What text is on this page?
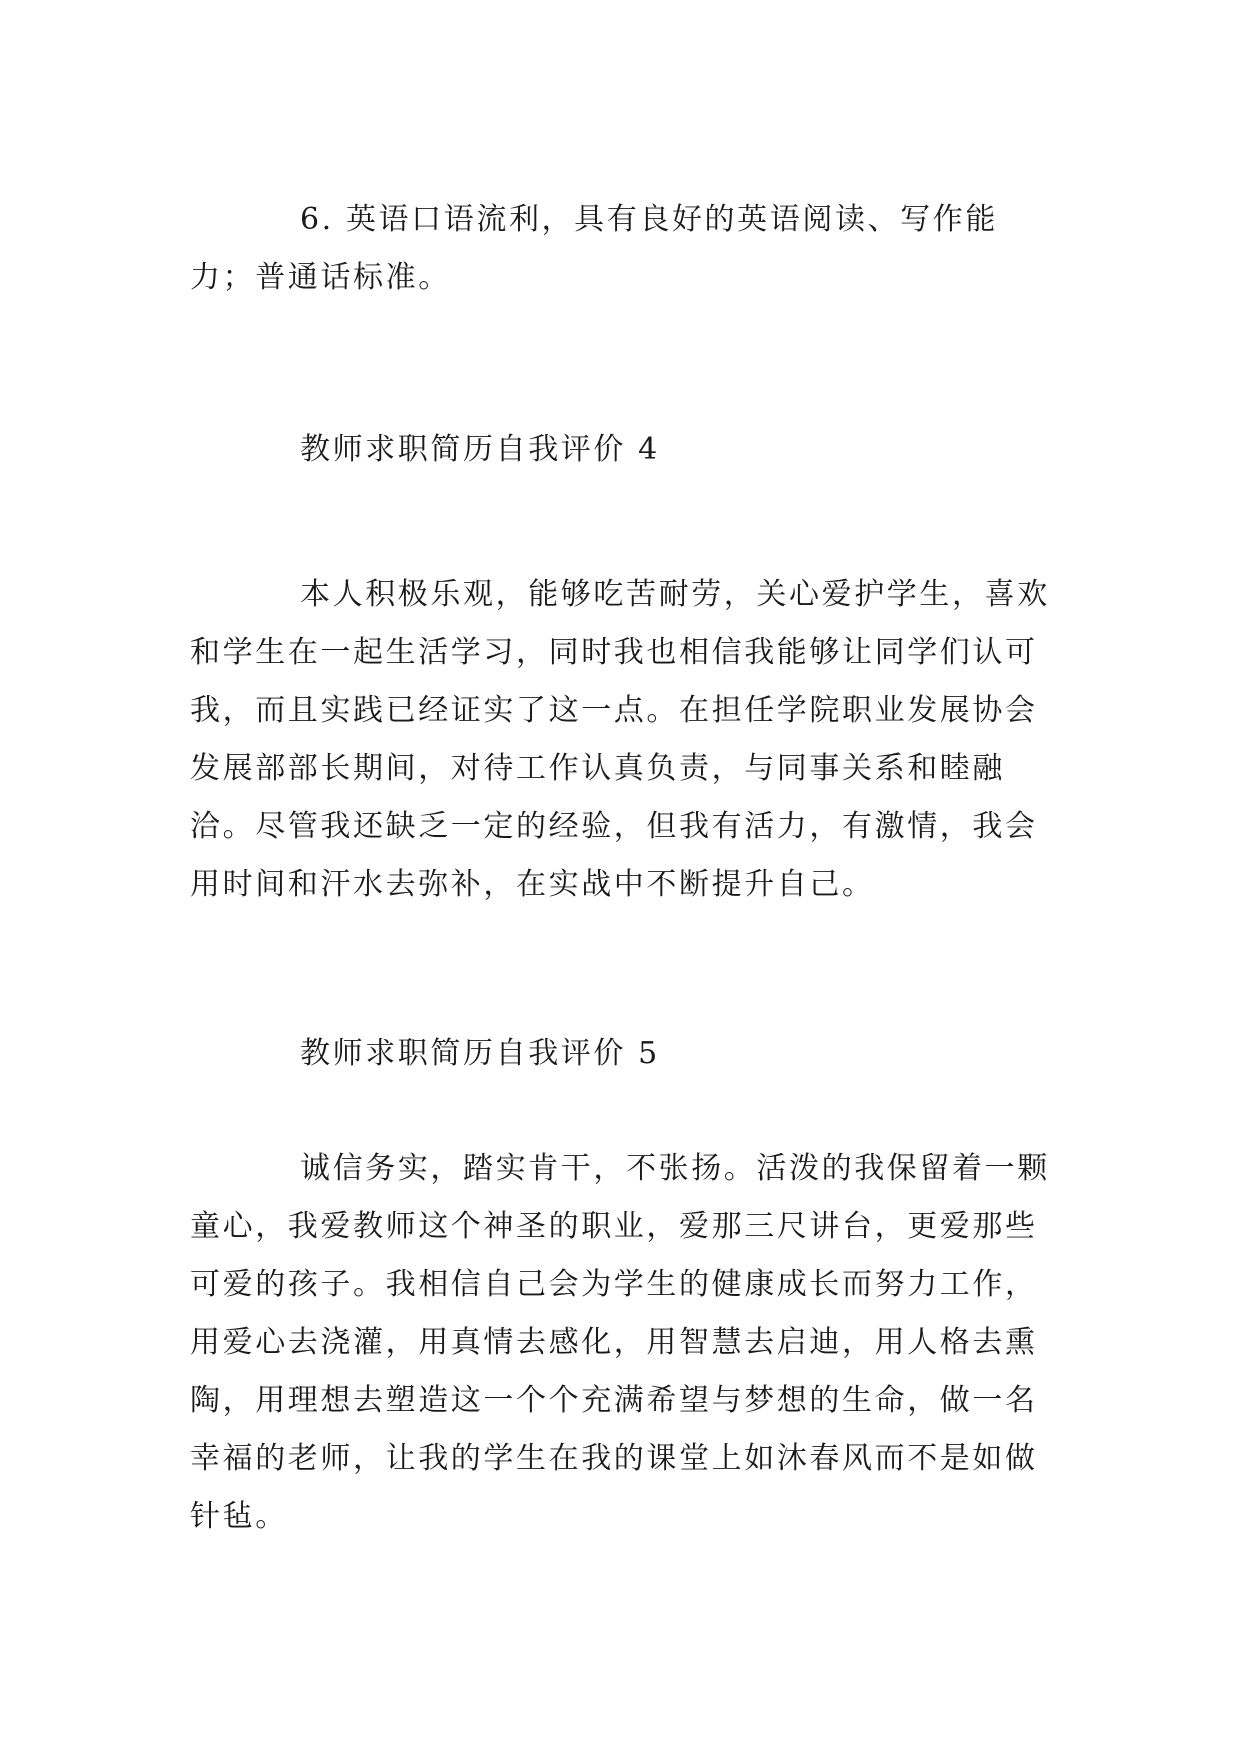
6. 英语口语流利，具有良好的英语阅读、写作能力；普通话标准。

教师求职简历自我评价 4

本人积极乐观，能够吃苦耐劳，关心爱护学生，喜欢和学生在一起生活学习，同时我也相信我能够让同学们认可我，而且实践已经证实了这一点。在担任学院职业发展协会发展部部长期间，对待工作认真负责，与同事关系和睦融洽。尽管我还缺乏一定的经验，但我有活力，有激情，我会用时间和汗水去弥补，在实战中不断提升自己。

教师求职简历自我评价 5

诚信务实，踏实肯干，不张扬。活泼的我保留着一颗童心，我爱教师这个神圣的职业，爱那三尺讲台，更爱那些可爱的孩子。我相信自己会为学生的健康成长而努力工作，用爱心去浇灌，用真情去感化，用智慧去启迪，用人格去熏陶，用理想去塑造这一个个充满希望与梦想的生命，做一名幸福的老师，让我的学生在我的课堂上如沐春风而不是如做针毡。
